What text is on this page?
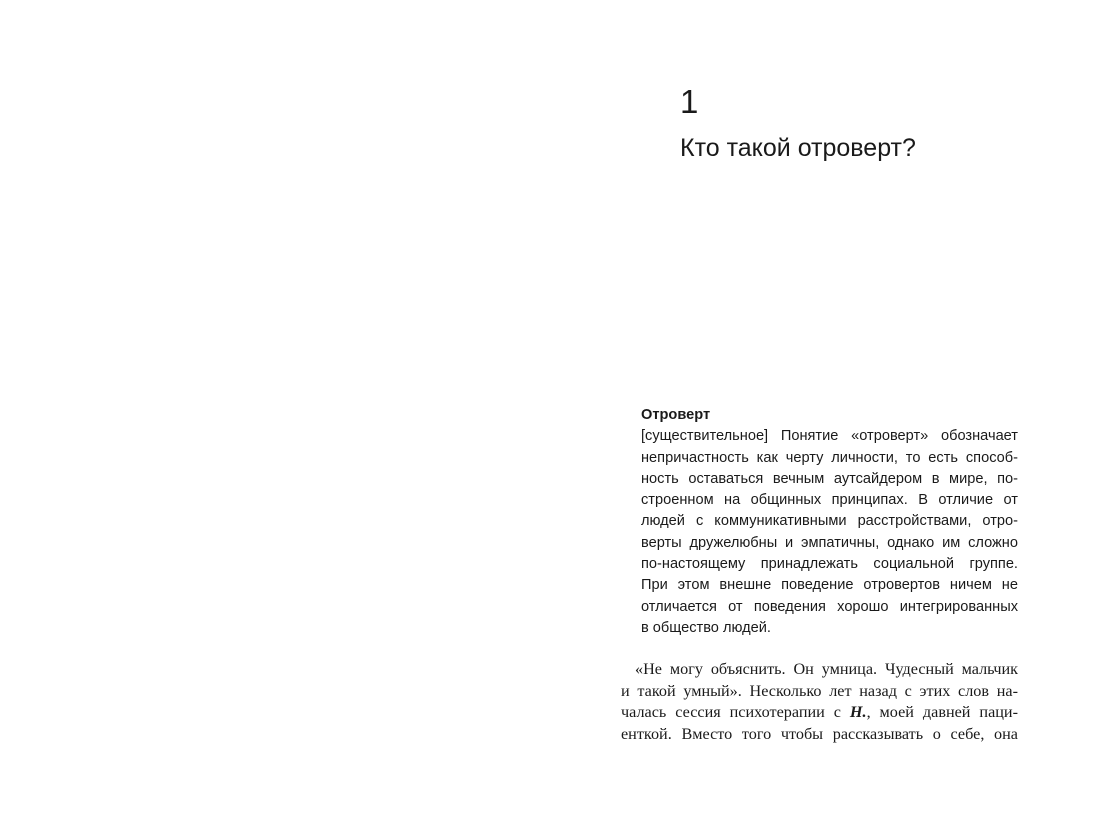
1
Кто такой отроверт?
Отроверт
[существительное] Понятие «отроверт» обозначает
непричастность как черту личности, то есть способ-
ность оставаться вечным аутсайдером в мире, по-
строенном на общинных принципах. В отличие от
людей с коммуникативными расстройствами, отро-
верты дружелюбны и эмпатичны, однако им сложно
по-настоящему принадлежать социальной группе.
При этом внешне поведение отровертов ничем не
отличается от поведения хорошо интегрированных
в общество людей.
«Не могу объяснить. Он умница. Чудесный мальчик
и такой умный». Несколько лет назад с этих слов на-
чалась сессия психотерапии с Н., моей давней паци-
енткой. Вместо того чтобы рассказывать о себе, она
